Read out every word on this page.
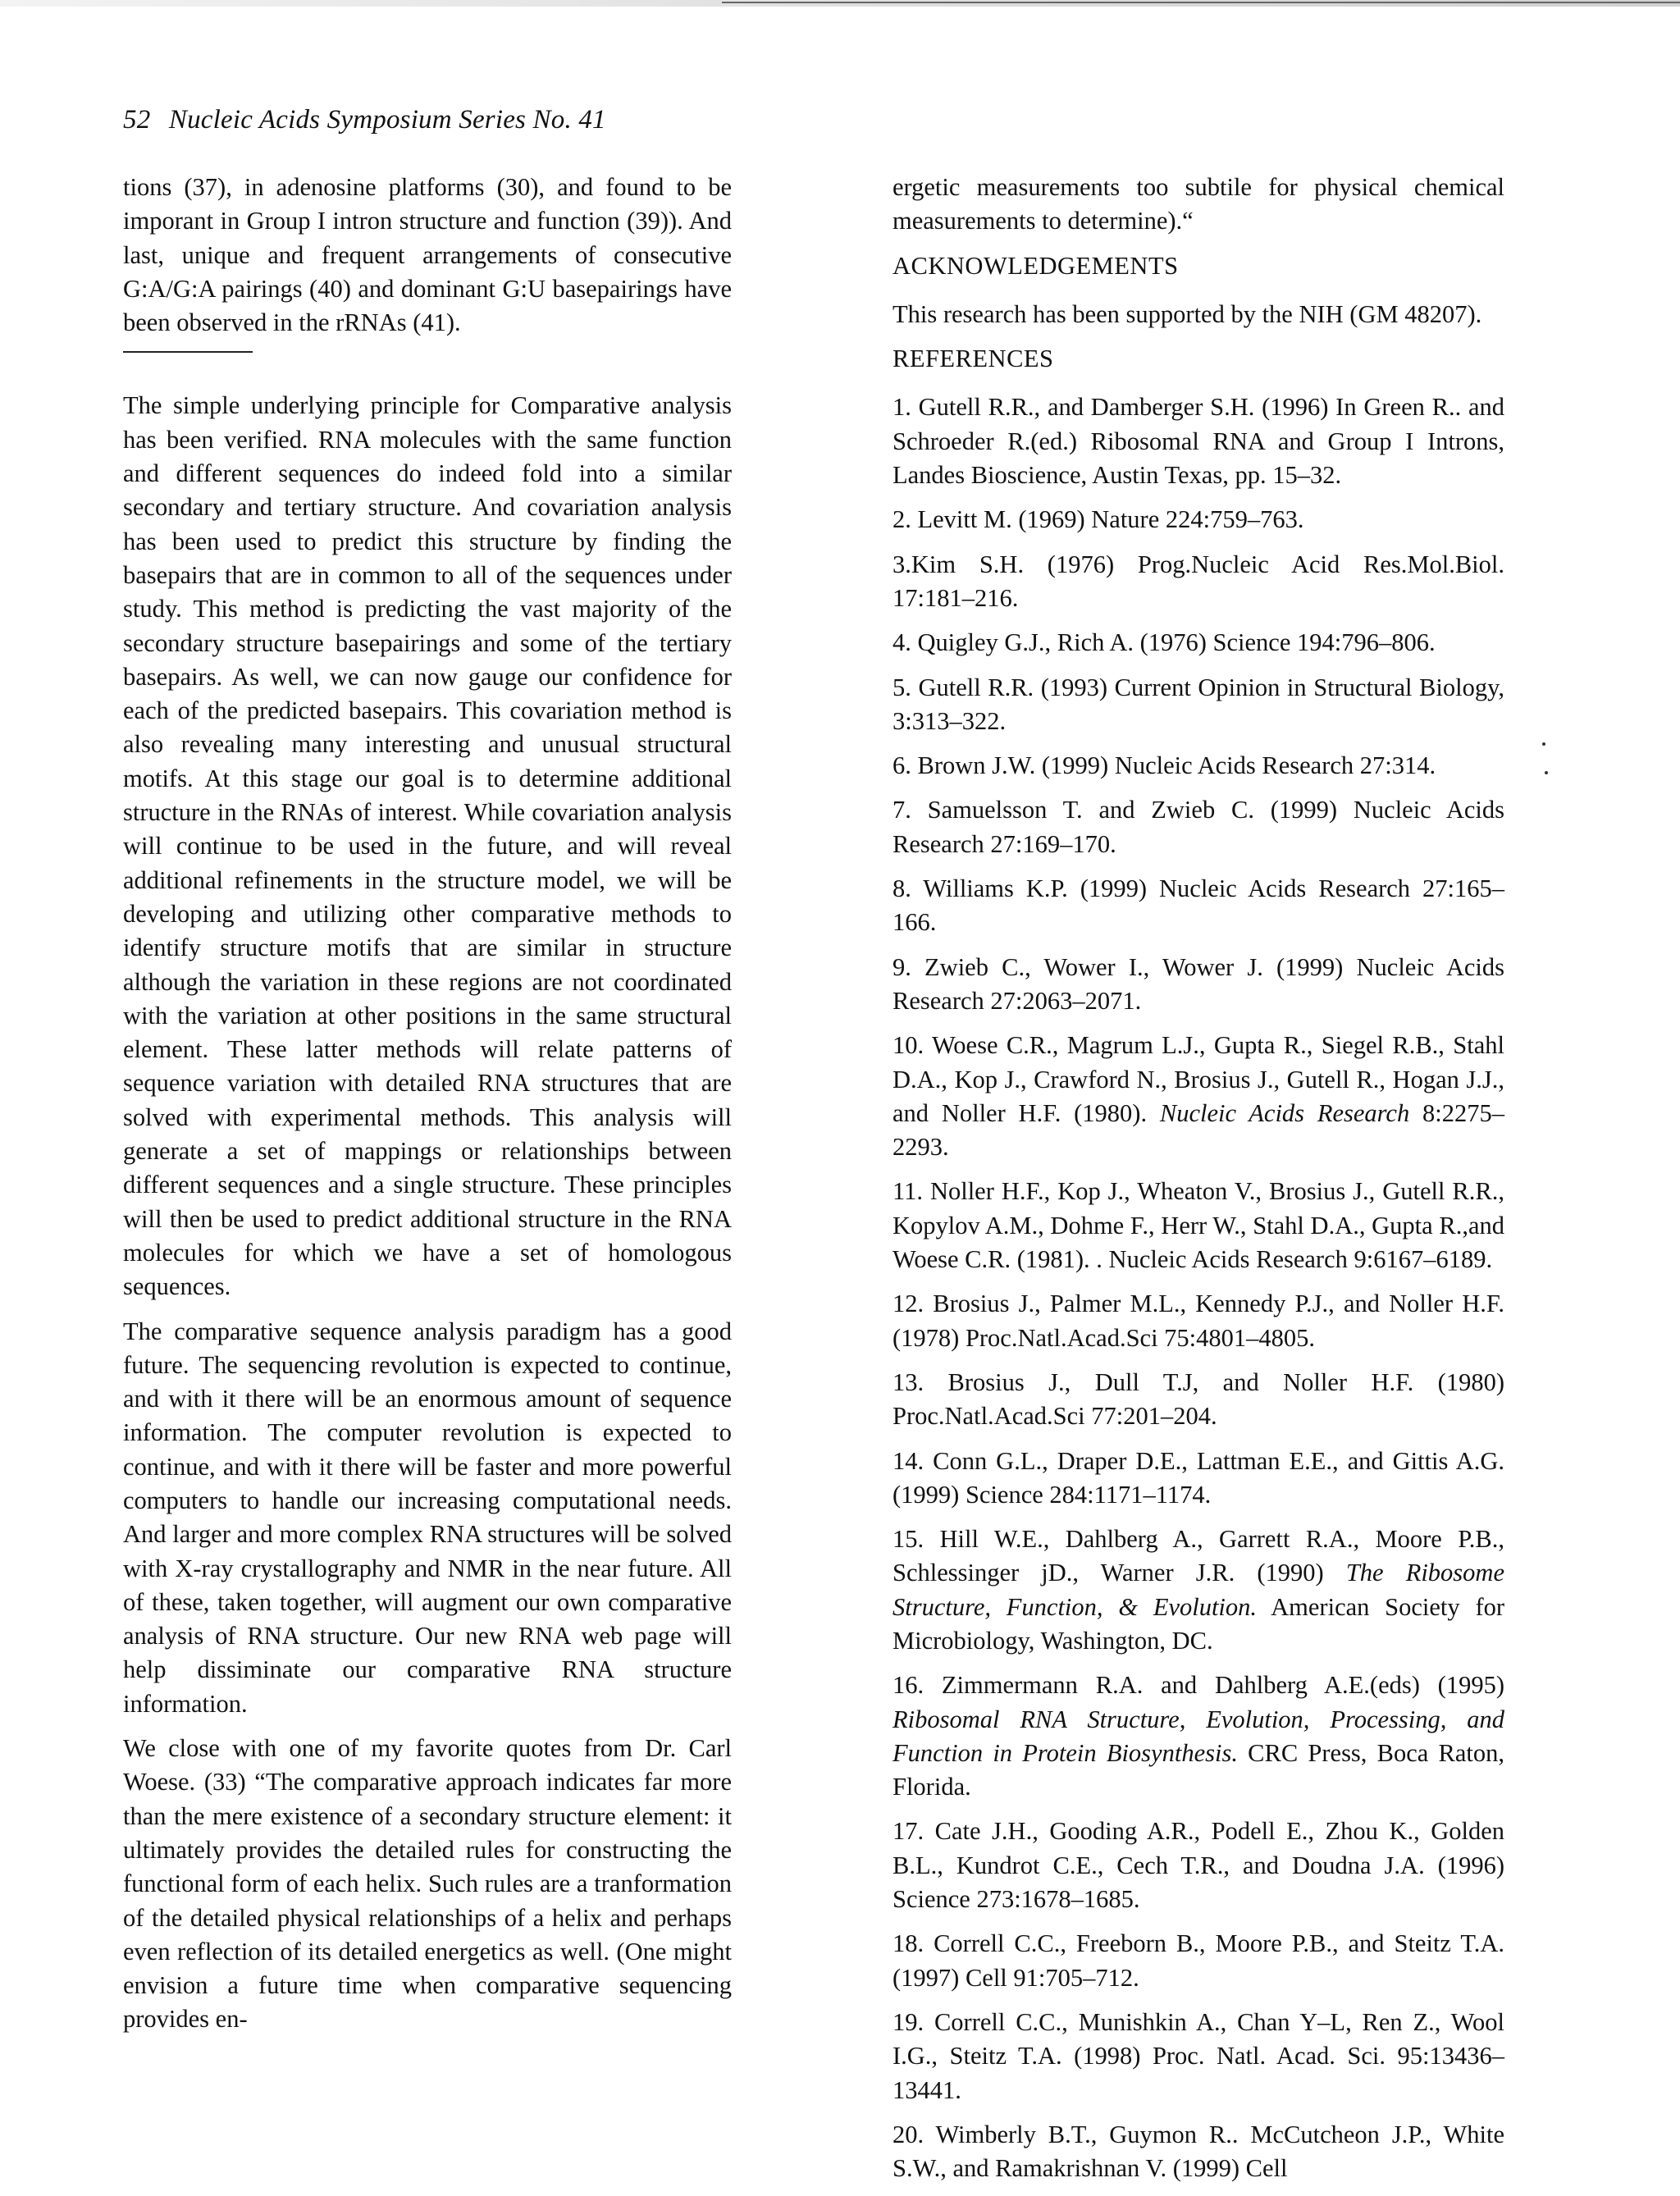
52 Nucleic Acids Symposium Series No. 41

tions (37), in adenosine platforms (30), and found to be imporant in Group I intron structure and function (39)). And last, unique and frequent arrangements of consecutive G:A/G:A pairings (40) and dominant G:U basepairings have been observed in the rRNAs (41).

The simple underlying principle for Comparative analysis has been verified. RNA molecules with the same function and different sequences do indeed fold into a similar secondary and tertiary structure. And covariation analysis has been used to predict this structure by finding the basepairs that are in common to all of the sequences under study. This method is predicting the vast majority of the secondary structure basepairings and some of the tertiary basepairs. As well, we can now gauge our confidence for each of the predicted basepairs. This covariation method is also revealing many interesting and unusual structural motifs. At this stage our goal is to determine additional structure in the RNAs of interest. While covariation analysis will continue to be used in the future, and will reveal additional refinements in the structure model, we will be developing and utilizing other comparative methods to identify structure motifs that are similar in structure although the variation in these regions are not coordinated with the variation at other positions in the same structural element. These latter methods will relate patterns of sequence variation with detailed RNA structures that are solved with experimental methods. This analysis will generate a set of mappings or relationships between different sequences and a single structure. These principles will then be used to predict additional structure in the RNA molecules for which we have a set of homologous sequences.

The comparative sequence analysis paradigm has a good future. The sequencing revolution is expected to continue, and with it there will be an enormous amount of sequence information. The computer revolution is expected to continue, and with it there will be faster and more powerful computers to handle our increasing computational needs. And larger and more complex RNA structures will be solved with X-ray crystallography and NMR in the near future. All of these, taken together, will augment our own comparative analysis of RNA structure. Our new RNA web page will help dissiminate our comparative RNA structure information.

We close with one of my favorite quotes from Dr. Carl Woese. (33) “The comparative approach indicates far more than the mere existence of a secondary structure element: it ultimately provides the detailed rules for constructing the functional form of each helix. Such rules are a tranformation of the detailed physical relationships of a helix and perhaps even reflection of its detailed energetics as well. (One might envision a future time when comparative sequencing provides en-

ergetic measurements too subtile for physical chemical measurements to determine).“

ACKNOWLEDGEMENTS

This research has been supported by the NIH (GM 48207).

REFERENCES

1. Gutell R.R., and Damberger S.H. (1996) In Green R.. and Schroeder R.(ed.) Ribosomal RNA and Group I Introns, Landes Bioscience, Austin Texas, pp. 15–32.

2. Levitt M. (1969) Nature 224:759–763.

3.Kim S.H. (1976) Prog.Nucleic Acid Res.Mol.Biol. 17:181–216.

4. Quigley G.J., Rich A. (1976) Science 194:796–806.

5. Gutell R.R. (1993) Current Opinion in Structural Biology, 3:313–322.

6. Brown J.W. (1999) Nucleic Acids Research 27:314.

7. Samuelsson T. and Zwieb C. (1999) Nucleic Acids Research 27:169–170.

8. Williams K.P. (1999) Nucleic Acids Research 27:165–166.

9. Zwieb C., Wower I., Wower J. (1999) Nucleic Acids Research 27:2063–2071.

10. Woese C.R., Magrum L.J., Gupta R., Siegel R.B., Stahl D.A., Kop J., Crawford N., Brosius J., Gutell R., Hogan J.J., and Noller H.F. (1980). Nucleic Acids Research 8:2275–2293.

11. Noller H.F., Kop J., Wheaton V., Brosius J., Gutell R.R., Kopylov A.M., Dohme F., Herr W., Stahl D.A., Gupta R.,and Woese C.R. (1981). . Nucleic Acids Research 9:6167–6189.

12. Brosius J., Palmer M.L., Kennedy P.J., and Noller H.F. (1978) Proc.Natl.Acad.Sci 75:4801–4805.

13. Brosius J., Dull T.J, and Noller H.F. (1980) Proc.Natl.Acad.Sci 77:201–204.

14. Conn G.L., Draper D.E., Lattman E.E., and Gittis A.G. (1999) Science 284:1171–1174.

15. Hill W.E., Dahlberg A., Garrett R.A., Moore P.B., Schlessinger jD., Warner J.R. (1990) The Ribosome Structure, Function, & Evolution. American Society for Microbiology, Washington, DC.

16. Zimmermann R.A. and Dahlberg A.E.(eds) (1995) Ribosomal RNA Structure, Evolution, Processing, and Function in Protein Biosynthesis. CRC Press, Boca Raton, Florida.

17. Cate J.H., Gooding A.R., Podell E., Zhou K., Golden B.L., Kundrot C.E., Cech T.R., and Doudna J.A. (1996) Science 273:1678–1685.

18. Correll C.C., Freeborn B., Moore P.B., and Steitz T.A. (1997) Cell 91:705–712.

19. Correll C.C., Munishkin A., Chan Y–L, Ren Z., Wool I.G., Steitz T.A. (1998) Proc. Natl. Acad. Sci. 95:13436–13441.

20. Wimberly B.T., Guymon R.. McCutcheon J.P., White S.W., and Ramakrishnan V. (1999) Cell
